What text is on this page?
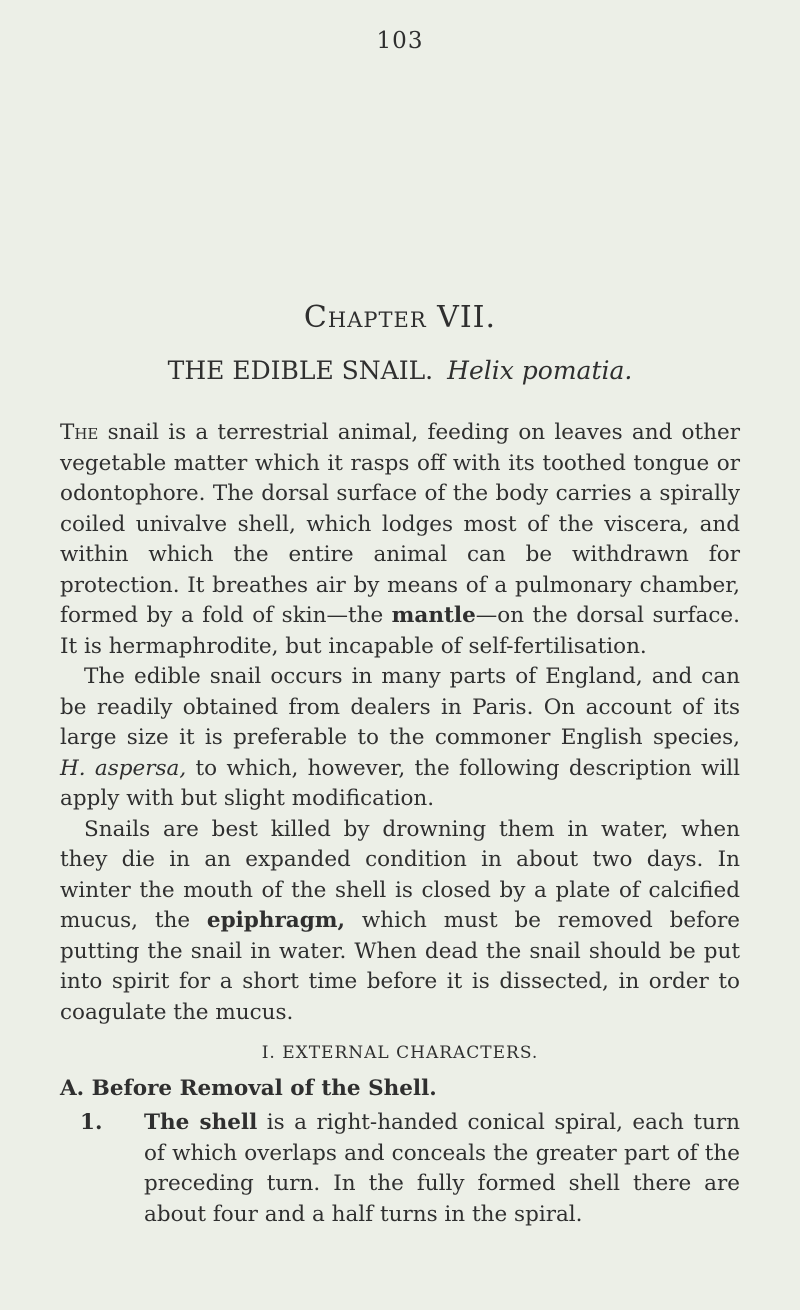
103
Chapter VII.
THE EDIBLE SNAIL. Helix pomatia.

The snail is a terrestrial animal, feeding on leaves and other vegetable matter which it rasps off with its toothed tongue or odontophore. The dorsal surface of the body carries a spirally coiled univalve shell, which lodges most of the viscera, and within which the entire animal can be withdrawn for protection. It breathes air by means of a pulmonary chamber, formed by a fold of skin—the mantle—on the dorsal surface. It is hermaphrodite, but incapable of self-fertilisation.

The edible snail occurs in many parts of England, and can be readily obtained from dealers in Paris. On account of its large size it is preferable to the commoner English species, H. aspersa, to which, however, the following description will apply with but slight modification.

Snails are best killed by drowning them in water, when they die in an expanded condition in about two days. In winter the mouth of the shell is closed by a plate of calcified mucus, the epiphragm, which must be removed before putting the snail in water. When dead the snail should be put into spirit for a short time before it is dissected, in order to coagulate the mucus.

I. EXTERNAL CHARACTERS.
A. Before Removal of the Shell.
1. The shell is a right-handed conical spiral, each turn of which overlaps and conceals the greater part of the preceding turn. In the fully formed shell there are about four and a half turns in the spiral.
